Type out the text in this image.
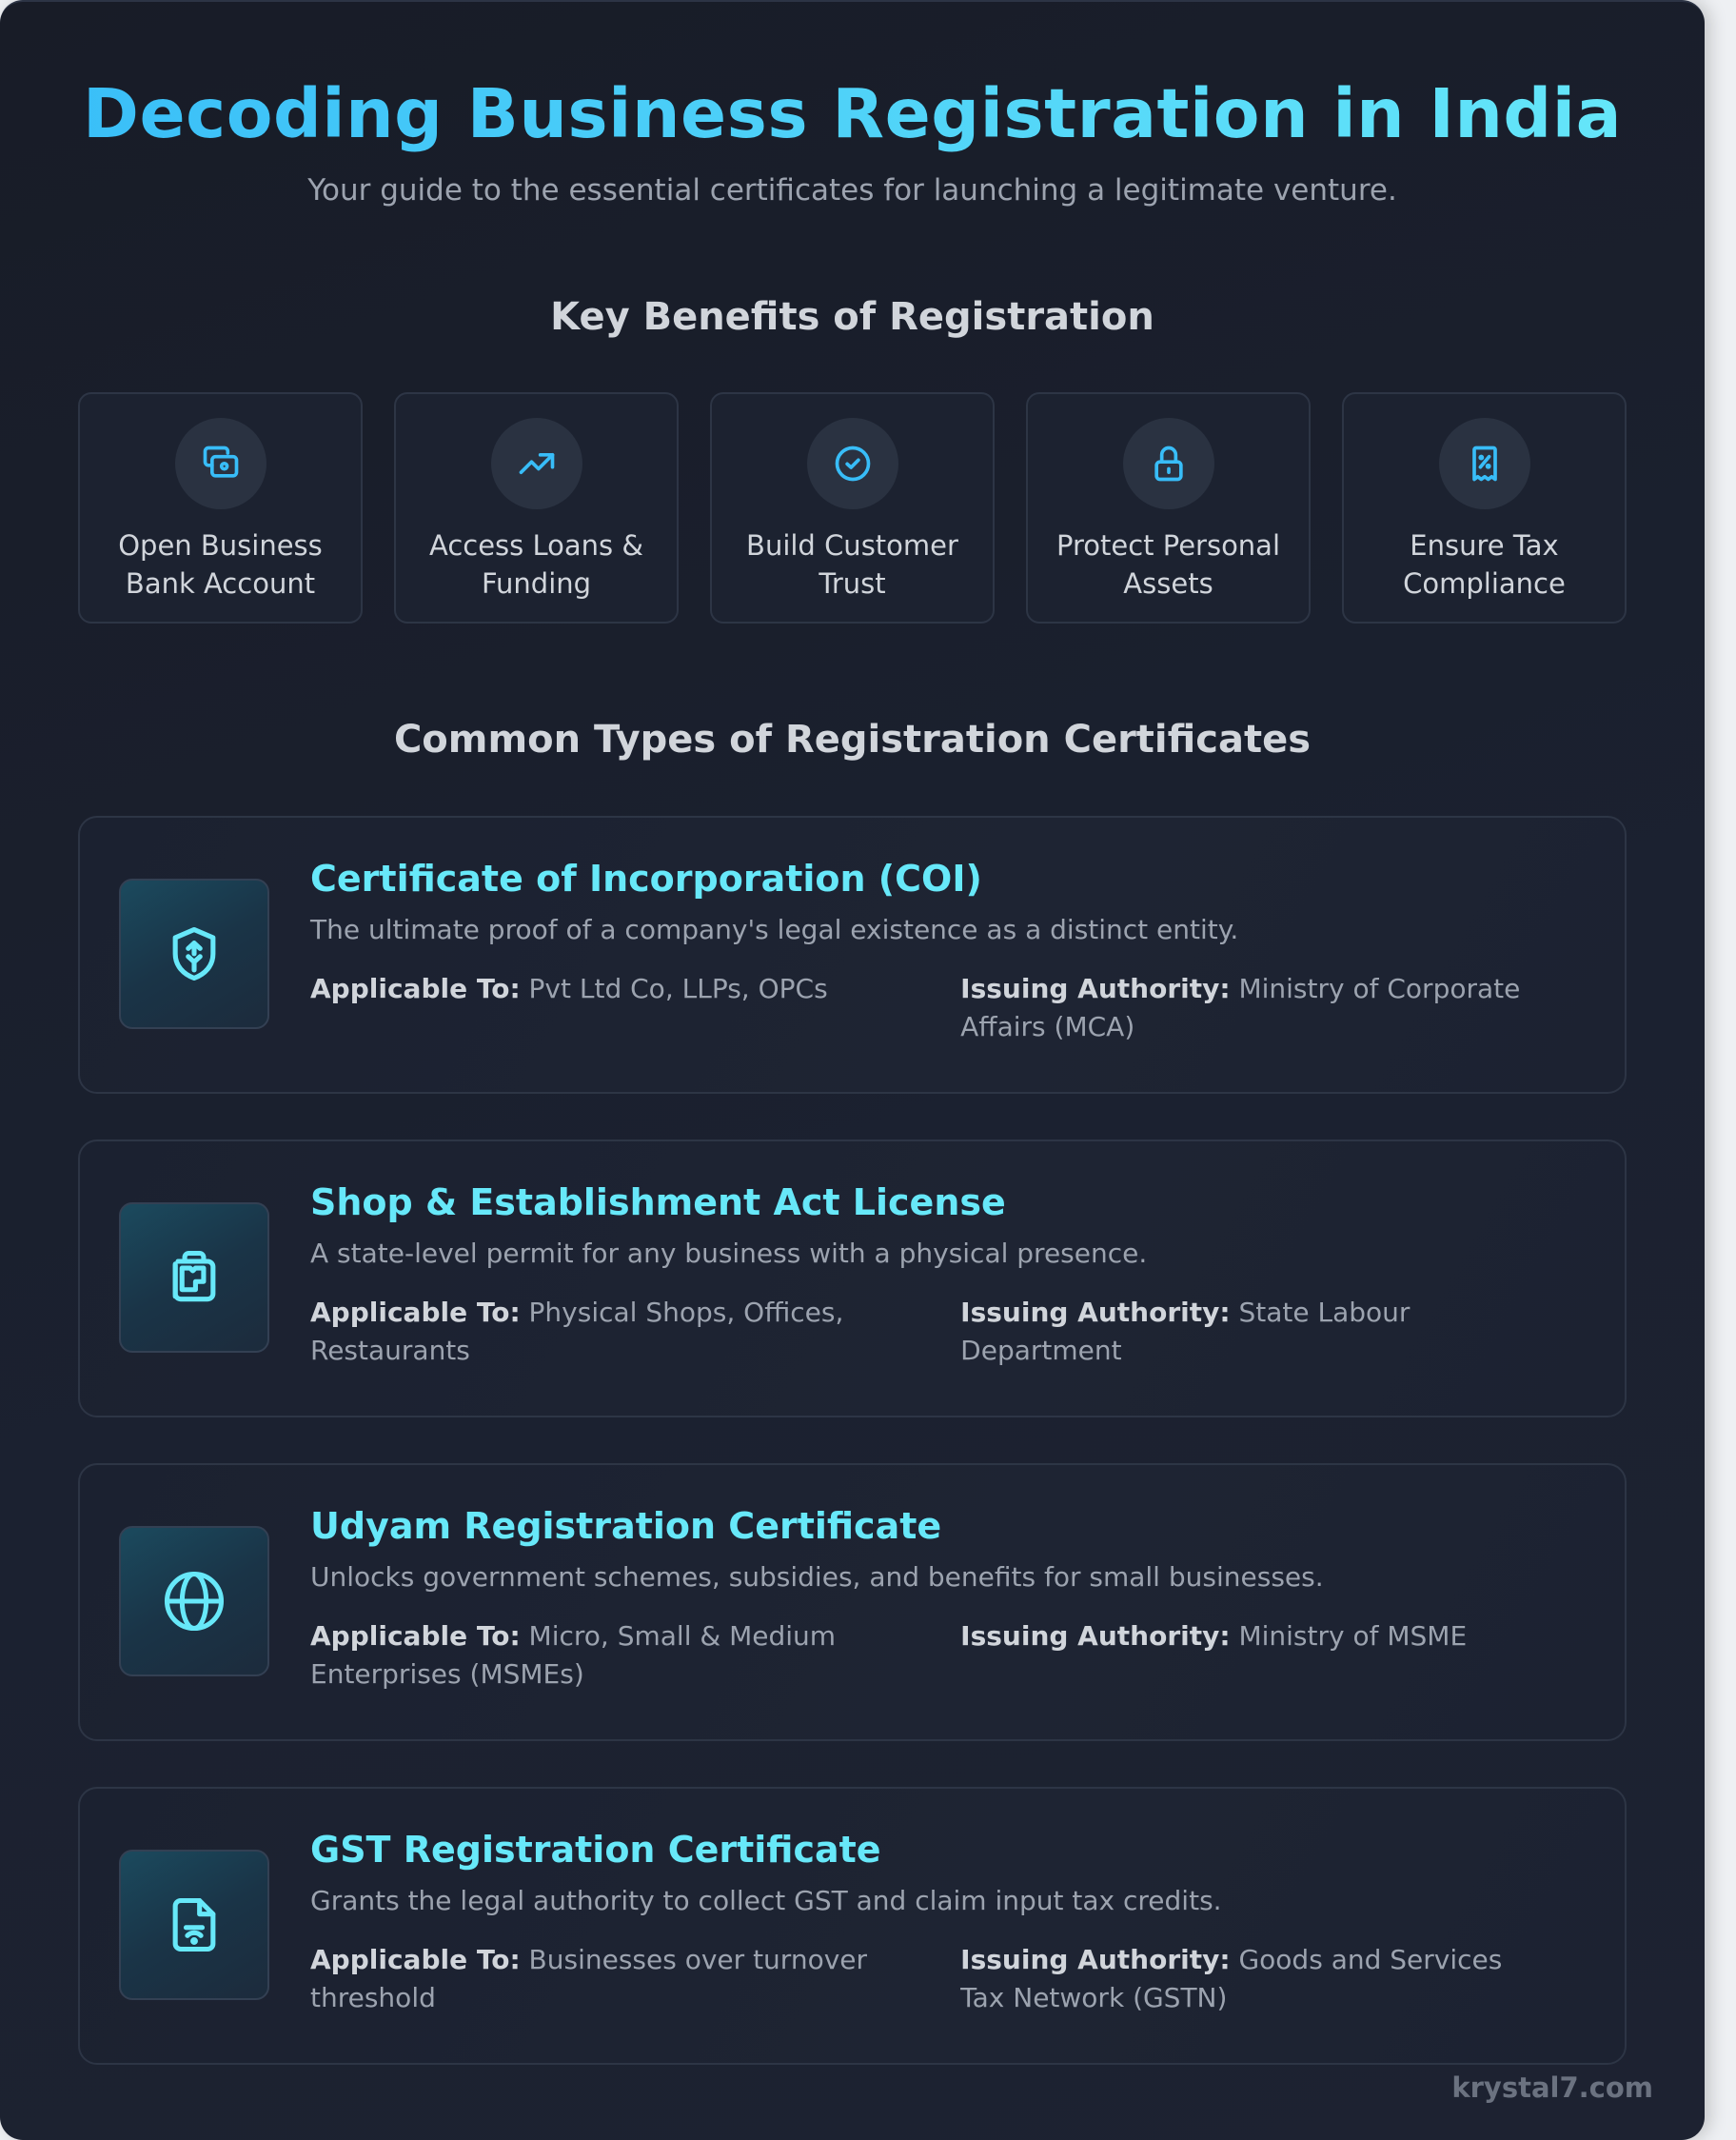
Decoding Business Registration in India

Your guide to the essential certificates for launching a legitimate venture.

Key Benefits of Registration
Open Business Bank Account
Access Loans & Funding
Build Customer Trust
Protect Personal Assets
Ensure Tax Compliance
Common Types of Registration Certificates
Certificate of Incorporation (COI)
The ultimate proof of a company's legal existence as a distinct entity.
Applicable To: Pvt Ltd Co, LLPs, OPCs	Issuing Authority: Ministry of Corporate Affairs (MCA)
Shop & Establishment Act License
A state-level permit for any business with a physical presence.
Applicable To: Physical Shops, Offices, Restaurants
Issuing Authority: State Labour Department
Udyam Registration Certificate
Unlocks government schemes, subsidies, and benefits for small businesses.
Applicable To: Micro, Small & Medium Enterprises (MSMEs)
Issuing Authority: Ministry of MSME
GST Registration Certificate
Grants the legal authority to collect GST and claim input tax credits.
Applicable To: Businesses over turnover threshold
Issuing Authority: Goods and Services Tax Network (GSTN)
krystal7.com
